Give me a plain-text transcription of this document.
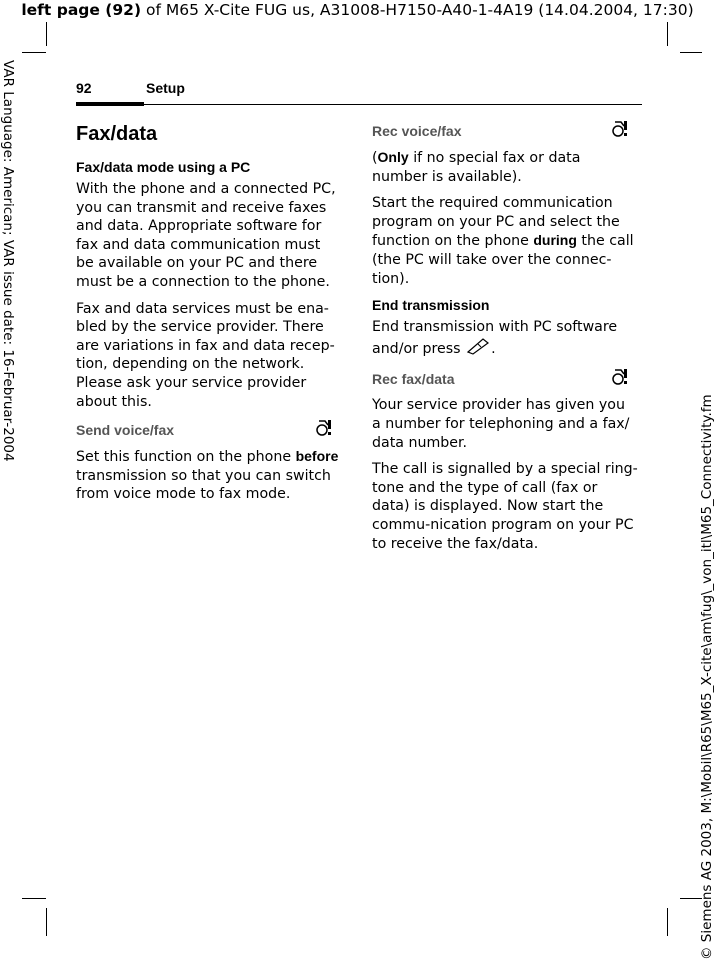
left page (92) of M65 X-Cite FUG us, A31008-H7150-A40-1-4A19 (14.04.2004, 17:30)
VAR Language: American; VAR issue date: 16-Februar-2004
© Siemens AG 2003, M:\Mobil\R65\M65_X-cite\am\fug\_von_itl\M65_Connectivity.fm
92	Setup
Fax/data
Fax/data mode using a PC

With the phone and a connected PC, you can transmit and receive faxes and data. Appropriate software for fax and data communication must be available on your PC and there must be a connection to the phone.

Fax and data services must be ena-bled by the service provider. There are variations in fax and data recep-tion, depending on the network. Please ask your service provider about this.

Send voice/fax

Set this function on the phone before transmission so that you can switch from voice mode to fax mode.

Rec voice/fax

(Only if no special fax or data number is available).

Start the required communication program on your PC and select the function on the phone during the call (the PC will take over the connec-tion).

End transmission

End transmission with PC software and/or press .

Rec fax/data

Your service provider has given you a number for telephoning and a fax/ data number.

The call is signalled by a special ring-tone and the type of call (fax or data) is displayed. Now start the commu-nication program on your PC to receive the fax/data.
